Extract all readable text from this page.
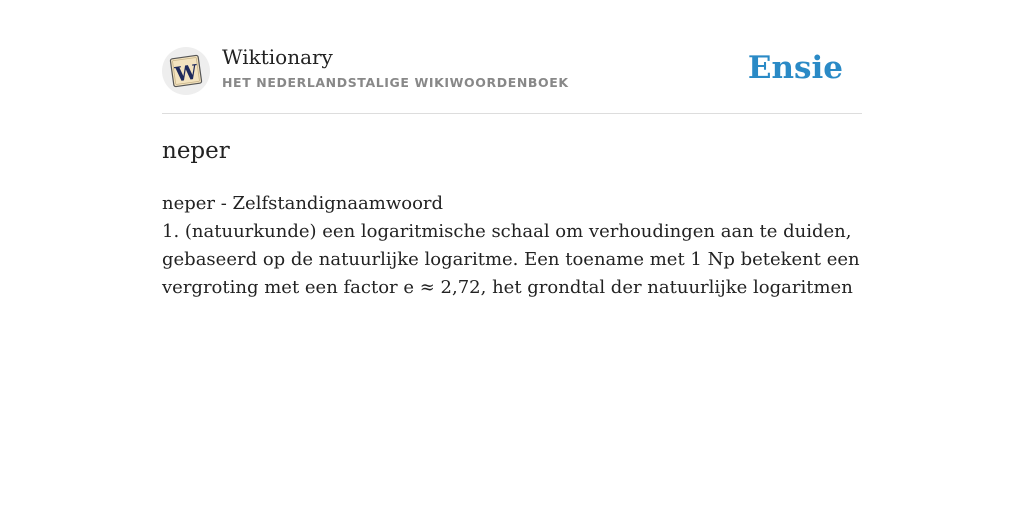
W
Wiktionary
HET NEDERLANDSTALIGE WIKIWOORDENBOEK	Ensie
neper

neper - Zelfstandignaamwoord

1. (natuurkunde) een logaritmische schaal om verhoudingen aan te duiden, gebaseerd op de natuurlijke logaritme. Een toename met 1 Np betekent een vergroting met een factor e ≈ 2,72, het grondtal der natuurlijke logaritmen
